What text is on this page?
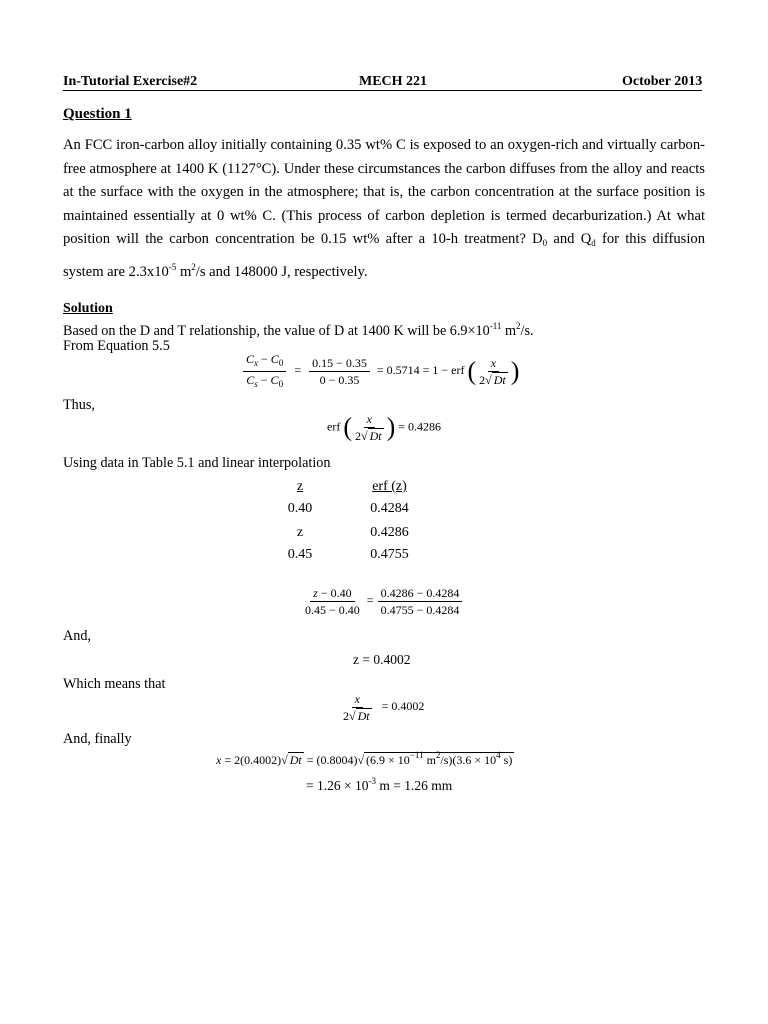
In-Tutorial Exercise#2	MECH 221	October 2013
Question 1
An FCC iron-carbon alloy initially containing 0.35 wt% C is exposed to an oxygen-rich and virtually carbon-free atmosphere at 1400 K (1127°C). Under these circumstances the carbon diffuses from the alloy and reacts at the surface with the oxygen in the atmosphere; that is, the carbon concentration at the surface position is maintained essentially at 0 wt% C. (This process of carbon depletion is termed decarburization.) At what position will the carbon concentration be 0.15 wt% after a 10-h treatment? $D_0$ and $Q_d$ for this diffusion system are $2.3x10^{-5}$ $m^2/s$ and 148000 J, respectively.
Solution
Based on the D and T relationship, the value of D at 1400 K will be $6.9\times 10^{-11}$ $m^2/s$.
From Equation 5.5
$\frac{C_x - C_0}{C_s - C_0} = \frac{0.15 - 0.35}{0 - 0.35} = 0.5714 = 1$ − erf ( $\frac{x}{2√ Dt}$ )
Thus,
erf ( $\frac{x}{2√ Dt}$ ) = 0.4286
Using data in Table 5.1 and linear interpolation
z	erf (z)
0.40	0.4284
z	0.4286
0.45	0.4755
$\frac{z - 0.40}{0.45 - 0.40} = \frac{0.4286 - 0.4284}{0.4755 - 0.4284}$
And,
z = 0.4002
Which means that
$\frac{x}{2√ Dt} = 0.4002$
And, finally
x = 2(0.4002)√ Dt = (0.8004)√ ($6.9 \times 10^{-11}$ $m^2/s)(3.6 \times 10^4$ s)
= $1.26 \times 10^{-3}$ m = 1.26 mm
